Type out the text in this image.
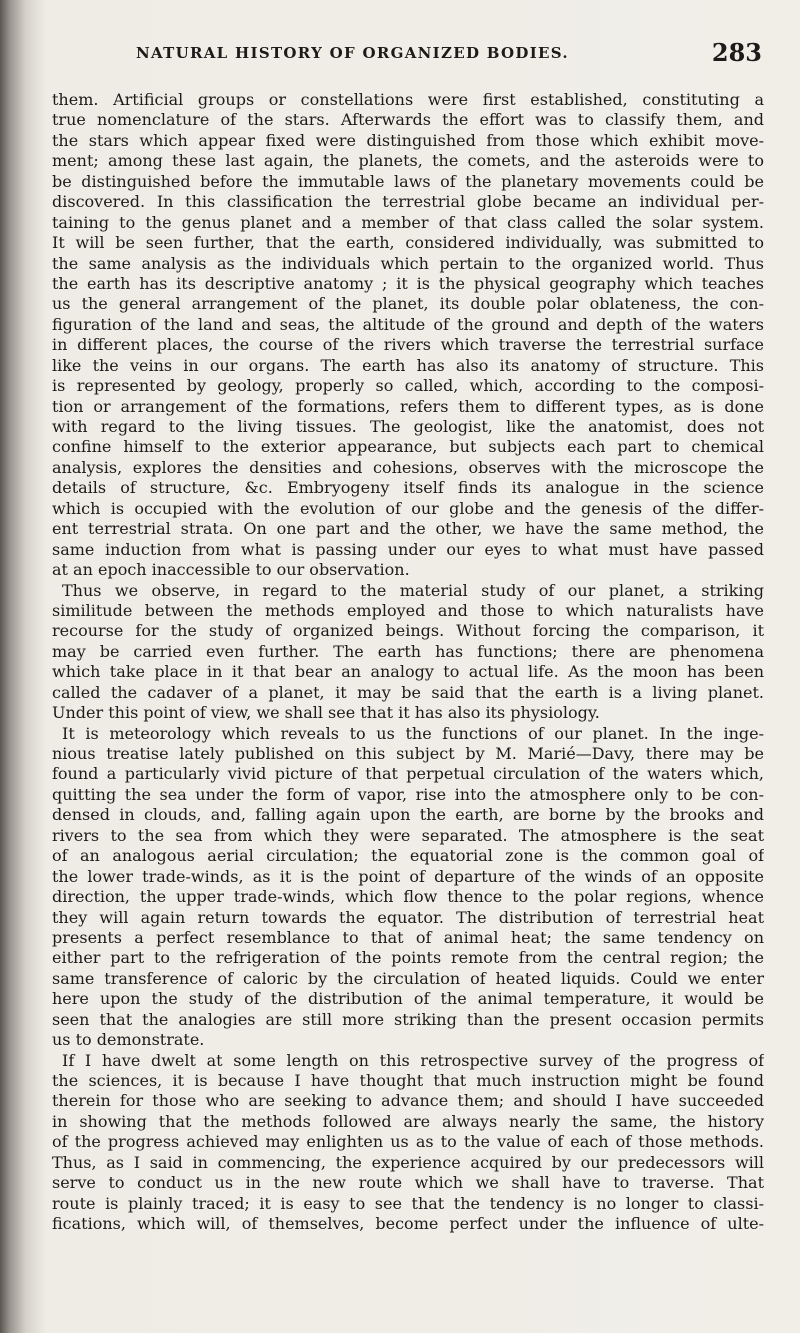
NATURAL HISTORY OF ORGANIZED BODIES.	283
them. Artificial groups or constellations were first established, constituting a
true nomenclature of the stars. Afterwards the effort was to classify them, and
the stars which appear fixed were distinguished from those which exhibit move-
ment; among these last again, the planets, the comets, and the asteroids were to
be distinguished before the immutable laws of the planetary movements could be
discovered. In this classification the terrestrial globe became an individual per-
taining to the genus planet and a member of that class called the solar system.
It will be seen further, that the earth, considered individually, was submitted to
the same analysis as the individuals which pertain to the organized world. Thus
the earth has its descriptive anatomy ; it is the physical geography which teaches
us the general arrangement of the planet, its double polar oblateness, the con-
figuration of the land and seas, the altitude of the ground and depth of the waters
in different places, the course of the rivers which traverse the terrestrial surface
like the veins in our organs. The earth has also its anatomy of structure. This
is represented by geology, properly so called, which, according to the composi-
tion or arrangement of the formations, refers them to different types, as is done
with regard to the living tissues. The geologist, like the anatomist, does not
confine himself to the exterior appearance, but subjects each part to chemical
analysis, explores the densities and cohesions, observes with the microscope the
details of structure, &c. Embryogeny itself finds its analogue in the science
which is occupied with the evolution of our globe and the genesis of the differ-
ent terrestrial strata. On one part and the other, we have the same method, the
same induction from what is passing under our eyes to what must have passed
at an epoch inaccessible to our observation.
Thus we observe, in regard to the material study of our planet, a striking
similitude between the methods employed and those to which naturalists have
recourse for the study of organized beings. Without forcing the comparison, it
may be carried even further. The earth has functions; there are phenomena
which take place in it that bear an analogy to actual life. As the moon has been
called the cadaver of a planet, it may be said that the earth is a living planet.
Under this point of view, we shall see that it has also its physiology.
It is meteorology which reveals to us the functions of our planet. In the inge-
nious treatise lately published on this subject by M. Marié—Davy, there may be
found a particularly vivid picture of that perpetual circulation of the waters which,
quitting the sea under the form of vapor, rise into the atmosphere only to be con-
densed in clouds, and, falling again upon the earth, are borne by the brooks and
rivers to the sea from which they were separated. The atmosphere is the seat
of an analogous aerial circulation; the equatorial zone is the common goal of
the lower trade-winds, as it is the point of departure of the winds of an opposite
direction, the upper trade-winds, which flow thence to the polar regions, whence
they will again return towards the equator. The distribution of terrestrial heat
presents a perfect resemblance to that of animal heat; the same tendency on
either part to the refrigeration of the points remote from the central region; the
same transference of caloric by the circulation of heated liquids. Could we enter
here upon the study of the distribution of the animal temperature, it would be
seen that the analogies are still more striking than the present occasion permits
us to demonstrate.
If I have dwelt at some length on this retrospective survey of the progress of
the sciences, it is because I have thought that much instruction might be found
therein for those who are seeking to advance them; and should I have succeeded
in showing that the methods followed are always nearly the same, the history
of the progress achieved may enlighten us as to the value of each of those methods.
Thus, as I said in commencing, the experience acquired by our predecessors will
serve to conduct us in the new route which we shall have to traverse. That
route is plainly traced; it is easy to see that the tendency is no longer to classi-
fications, which will, of themselves, become perfect under the influence of ulte-
